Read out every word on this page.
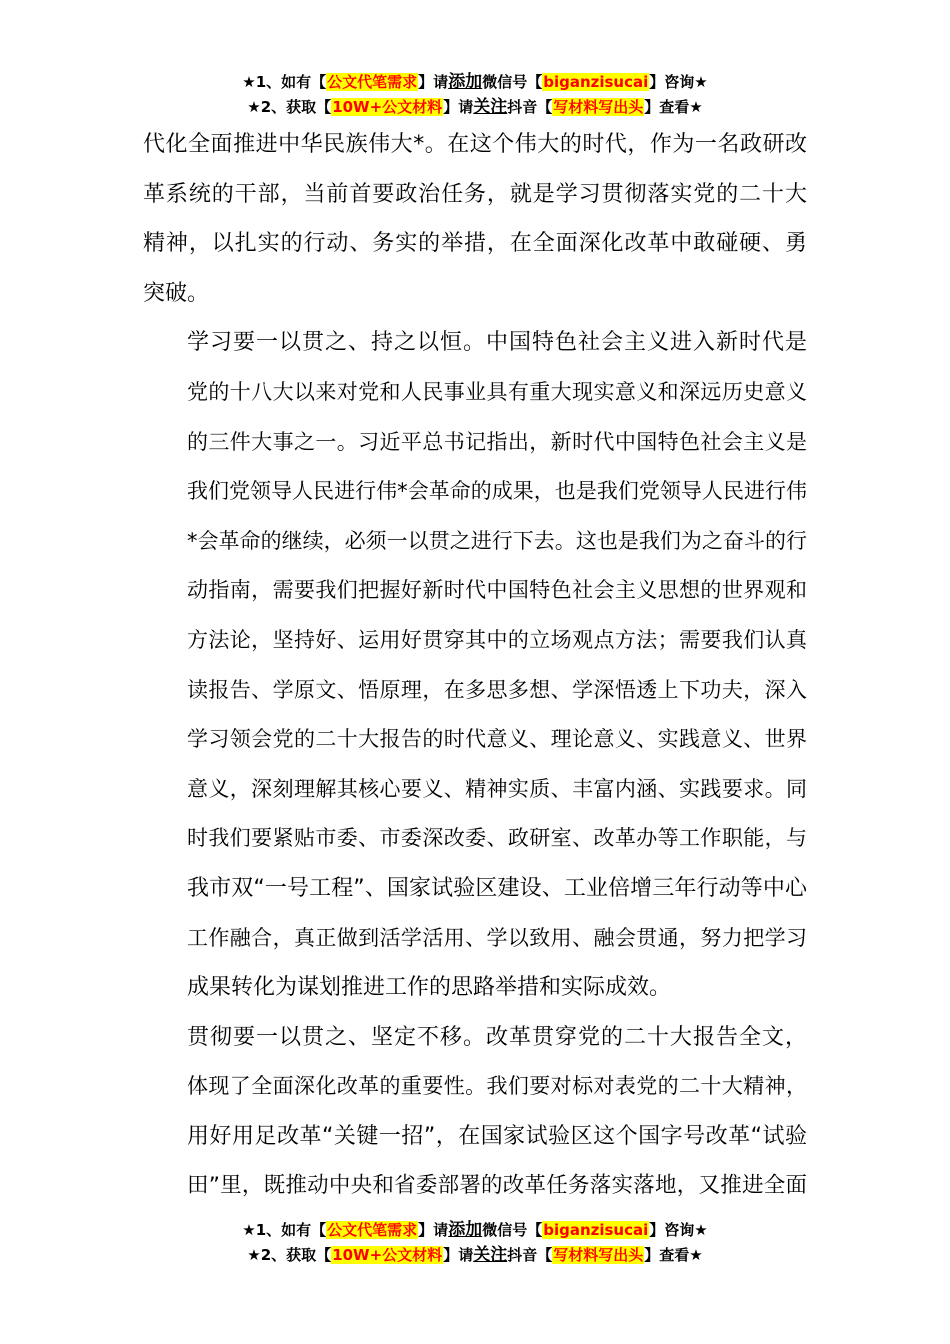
★1、如有【公文代笔需求】请添加微信号【biganzisucai】咨询★
★2、获取【10W+公文材料】请关注抖音【写材料写出头】查看★

代化全面推进中华民族伟大*。在这个伟大的时代，作为一名政研改
革系统的干部，当前首要政治任务，就是学习贯彻落实党的二十大
精神，以扎实的行动、务实的举措，在全面深化改革中敢碰硬、勇
突破。

学习要一以贯之、持之以恒。中国特色社会主义进入新时代是
党的十八大以来对党和人民事业具有重大现实意义和深远历史意义
的三件大事之一。习近平总书记指出，新时代中国特色社会主义是
我们党领导人民进行伟*会革命的成果，也是我们党领导人民进行伟
*会革命的继续，必须一以贯之进行下去。这也是我们为之奋斗的行
动指南，需要我们把握好新时代中国特色社会主义思想的世界观和
方法论，坚持好、运用好贯穿其中的立场观点方法；需要我们认真
读报告、学原文、悟原理，在多思多想、学深悟透上下功夫，深入
学习领会党的二十大报告的时代意义、理论意义、实践意义、世界
意义，深刻理解其核心要义、精神实质、丰富内涵、实践要求。同
时我们要紧贴市委、市委深改委、政研室、改革办等工作职能，与
我市双“一号工程”、国家试验区建设、工业倍增三年行动等中心
工作融合，真正做到活学活用、学以致用、融会贯通，努力把学习
成果转化为谋划推进工作的思路举措和实际成效。

贯彻要一以贯之、坚定不移。改革贯穿党的二十大报告全文，
体现了全面深化改革的重要性。我们要对标对表党的二十大精神，
用好用足改革“关键一招”，在国家试验区这个国字号改革“试验
田”里，既推动中央和省委部署的改革任务落实落地，又推进全面

★1、如有【公文代笔需求】请添加微信号【biganzisucai】咨询★
★2、获取【10W+公文材料】请关注抖音【写材料写出头】查看★
